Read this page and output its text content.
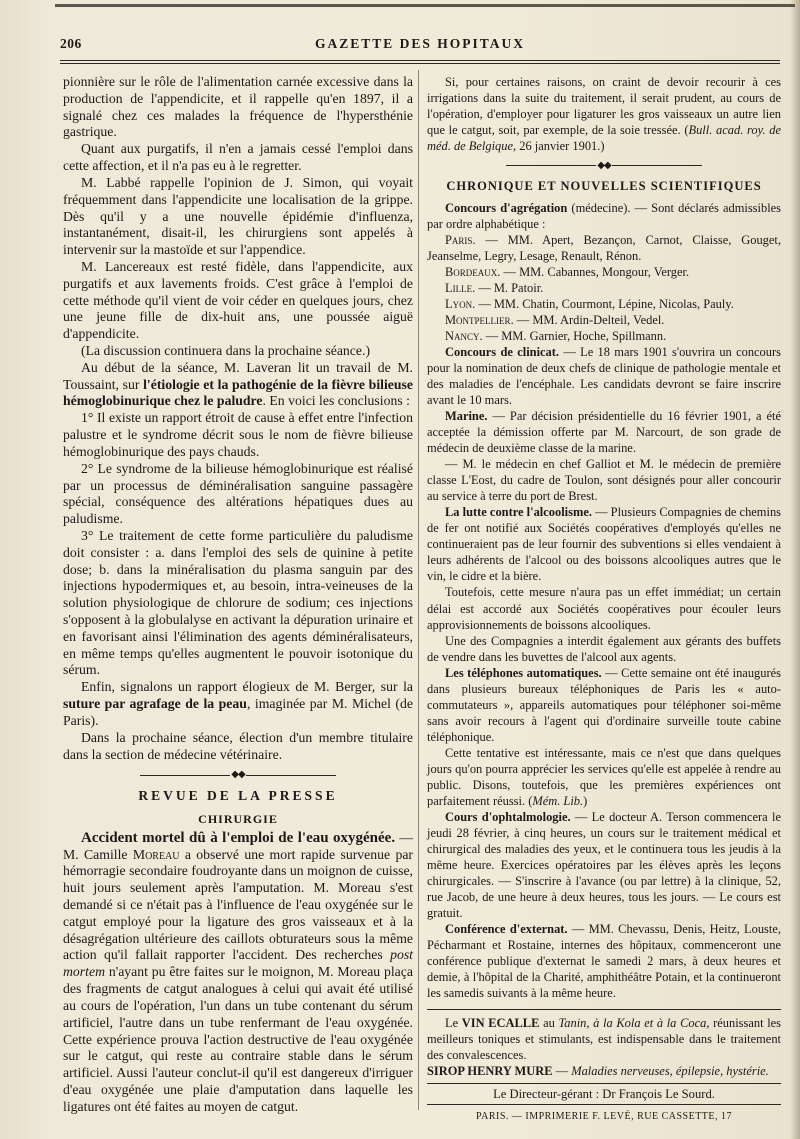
206	GAZETTE DES HOPITAUX

pionnière sur le rôle de l'alimentation carnée excessive dans la production de l'appendicite, et il rappelle qu'en 1897, il a signalé chez ces malades la fréquence de l'hypersthénie gastrique.

Quant aux purgatifs, il n'en a jamais cessé l'emploi dans cette affection, et il n'a pas eu à le regretter.

M. Labbé rappelle l'opinion de J. Simon, qui voyait fréquemment dans l'appendicite une localisation de la grippe. Dès qu'il y a une nouvelle épidémie d'influenza, instantanément, disait-il, les chirurgiens sont appelés à intervenir sur la mastoïde et sur l'appendice.

M. Lancereaux est resté fidèle, dans l'appendicite, aux purgatifs et aux lavements froids. C'est grâce à l'emploi de cette méthode qu'il vient de voir céder en quelques jours, chez une jeune fille de dix-huit ans, une poussée aiguë d'appendicite.

(La discussion continuera dans la prochaine séance.)

Au début de la séance, M. Laveran lit un travail de M. Toussaint, sur l'étiologie et la pathogénie de la fièvre bilieuse hémoglobinurique chez le paludre. En voici les conclusions :

1° Il existe un rapport étroit de cause à effet entre l'infection palustre et le syndrome décrit sous le nom de fièvre bilieuse hémoglobinurique des pays chauds.

2° Le syndrome de la bilieuse hémoglobinurique est réalisé par un processus de déminéralisation sanguine passagère spécial, conséquence des altérations hépatiques dues au paludisme.

3° Le traitement de cette forme particulière du paludisme doit consister : a. dans l'emploi des sels de quinine à petite dose; b. dans la minéralisation du plasma sanguin par des injections hypodermiques et, au besoin, intra-veineuses de la solution physiologique de chlorure de sodium; ces injections s'opposent à la globulalyse en activant la dépuration urinaire et en favorisant ainsi l'élimination des agents déminéralisateurs, en même temps qu'elles augmentent le pouvoir isotonique du sérum.

Enfin, signalons un rapport élogieux de M. Berger, sur la suture par agrafage de la peau, imaginée par M. Michel (de Paris).

Dans la prochaine séance, élection d'un membre titulaire dans la section de médecine vétérinaire.

◆◆
REVUE DE LA PRESSE
CHIRURGIE

Accident mortel dû à l'emploi de l'eau oxygénée. — M. Camille Moreau a observé une mort rapide survenue par hémorragie secondaire foudroyante dans un moignon de cuisse, huit jours seulement après l'amputation. M. Moreau s'est demandé si ce n'était pas à l'influence de l'eau oxygénée sur le catgut employé pour la ligature des gros vaisseaux et à la désagrégation ultérieure des caillots obturateurs sous la même action qu'il fallait rapporter l'accident. Des recherches post mortem n'ayant pu être faites sur le moignon, M. Moreau plaça des fragments de catgut analogues à celui qui avait été utilisé au cours de l'opération, l'un dans un tube contenant du sérum artificiel, l'autre dans un tube renfermant de l'eau oxygénée. Cette expérience prouva l'action destructive de l'eau oxygénée sur le catgut, qui reste au contraire stable dans le sérum artificiel. Aussi l'auteur conclut-il qu'il est dangereux d'irriguer d'eau oxygénée une plaie d'amputation dans laquelle les ligatures ont été faites au moyen de catgut.

Si, pour certaines raisons, on craint de devoir recourir à ces irrigations dans la suite du traitement, il serait prudent, au cours de l'opération, d'employer pour ligaturer les gros vaisseaux un autre lien que le catgut, soit, par exemple, de la soie tressée. (Bull. acad. roy. de méd. de Belgique, 26 janvier 1901.)

◆◆
CHRONIQUE ET NOUVELLES SCIENTIFIQUES

Concours d'agrégation (médecine). — Sont déclarés admissibles par ordre alphabétique :

Paris. — MM. Apert, Bezançon, Carnot, Claisse, Gouget, Jeanselme, Legry, Lesage, Renault, Rénon.

Bordeaux. — MM. Cabannes, Mongour, Verger.

Lille. — M. Patoir.

Lyon. — MM. Chatin, Courmont, Lépine, Nicolas, Pauly.

Montpellier. — MM. Ardin-Delteil, Vedel.

Nancy. — MM. Garnier, Hoche, Spillmann.

Concours de clinicat. — Le 18 mars 1901 s'ouvrira un concours pour la nomination de deux chefs de clinique de pathologie mentale et des maladies de l'encéphale. Les candidats devront se faire inscrire avant le 10 mars.

Marine. — Par décision présidentielle du 16 février 1901, a été acceptée la démission offerte par M. Narcourt, de son grade de médecin de deuxième classe de la marine.

— M. le médecin en chef Galliot et M. le médecin de première classe L'Eost, du cadre de Toulon, sont désignés pour aller concourir au service à terre du port de Brest.

La lutte contre l'alcoolisme. — Plusieurs Compagnies de chemins de fer ont notifié aux Sociétés coopératives d'employés qu'elles ne continueraient pas de leur fournir des subventions si elles vendaient à leurs adhérents de l'alcool ou des boissons alcooliques autres que le vin, le cidre et la bière.

Toutefois, cette mesure n'aura pas un effet immédiat; un certain délai est accordé aux Sociétés coopératives pour écouler leurs approvisionnements de boissons alcooliques.

Une des Compagnies a interdit également aux gérants des buffets de vendre dans les buvettes de l'alcool aux agents.

Les téléphones automatiques. — Cette semaine ont été inaugurés dans plusieurs bureaux téléphoniques de Paris les « auto-commutateurs », appareils automatiques pour téléphoner soi-même sans avoir recours à l'agent qui d'ordinaire surveille toute cabine téléphonique.

Cette tentative est intéressante, mais ce n'est que dans quelques jours qu'on pourra apprécier les services qu'elle est appelée à rendre au public. Disons, toutefois, que les premières expériences ont parfaitement réussi. (Mém. Lib.)

Cours d'ophtalmologie. — Le docteur A. Terson commencera le jeudi 28 février, à cinq heures, un cours sur le traitement médical et chirurgical des maladies des yeux, et le continuera tous les jeudis à la même heure. Exercices opératoires par les élèves après les leçons chirurgicales. — S'inscrire à l'avance (ou par lettre) à la clinique, 52, rue Jacob, de une heure à deux heures, tous les jours. — Le cours est gratuit.

Conférence d'externat. — MM. Chevassu, Denis, Heitz, Louste, Pécharmant et Rostaine, internes des hôpitaux, commenceront une conférence publique d'externat le samedi 2 mars, à deux heures et demie, à l'hôpital de la Charité, amphithéâtre Potain, et la continueront les samedis suivants à la même heure.

Le VIN ECALLE au Tanin, à la Kola et à la Coca, réunissant les meilleurs toniques et stimulants, est indispensable dans le traitement des convalescences.

SIROP HENRY MURE — Maladies nerveuses, épilepsie, hystérie.

Le Directeur-gérant : Dr François Le Sourd.
PARIS. — IMPRIMERIE F. LEVÉ, RUE CASSETTE, 17
